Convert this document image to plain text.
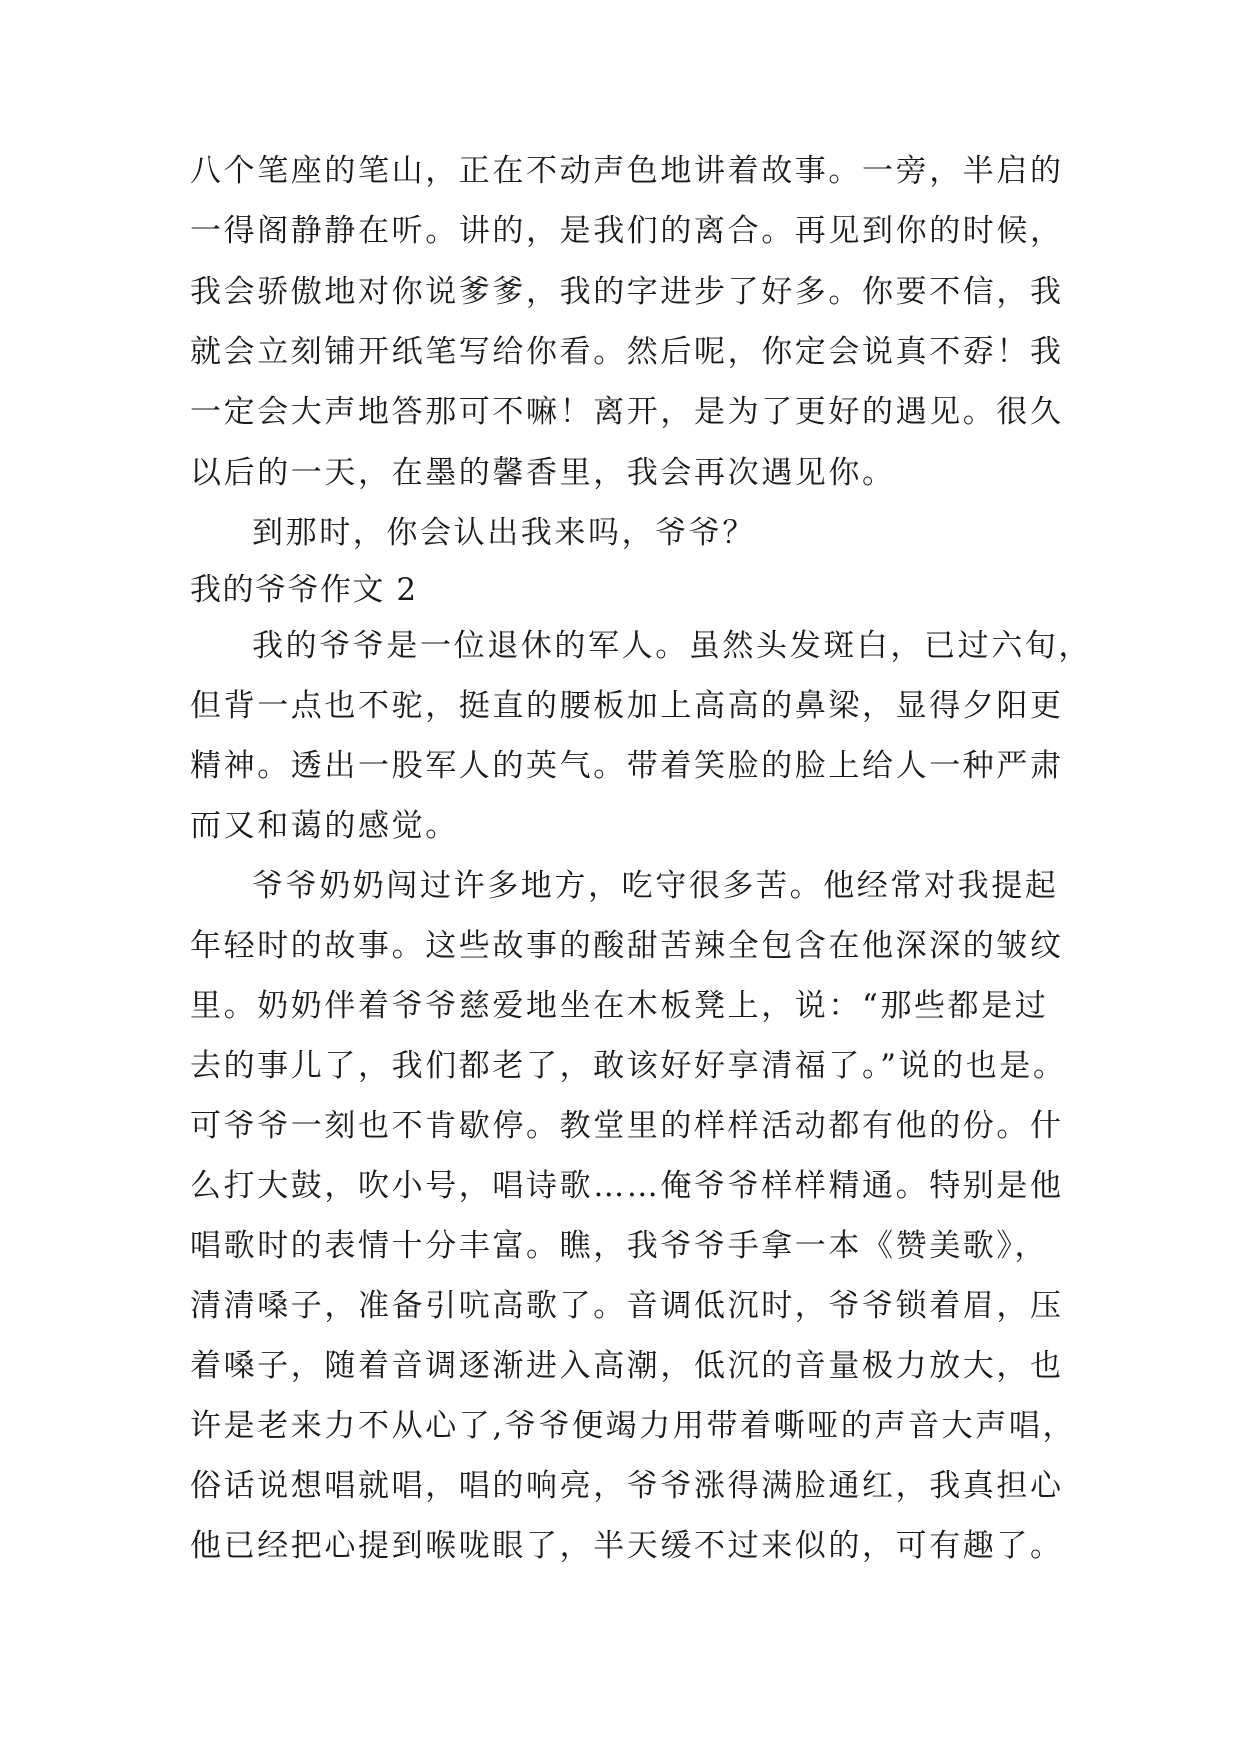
八个笔座的笔山，正在不动声色地讲着故事。一旁，半启的
一得阁静静在听。讲的，是我们的离合。再见到你的时候，
我会骄傲地对你说爹爹，我的字进步了好多。你要不信，我
就会立刻铺开纸笔写给你看。然后呢，你定会说真不孬！我
一定会大声地答那可不嘛！离开，是为了更好的遇见。很久
以后的一天，在墨的馨香里，我会再次遇见你。
到那时，你会认出我来吗，爷爷？
我的爷爷作文 2
我的爷爷是一位退休的军人。虽然头发斑白，已过六旬，
但背一点也不驼，挺直的腰板加上高高的鼻梁，显得夕阳更
精神。透出一股军人的英气。带着笑脸的脸上给人一种严肃
而又和蔼的感觉。
爷爷奶奶闯过许多地方，吃守很多苦。他经常对我提起
年轻时的故事。这些故事的酸甜苦辣全包含在他深深的皱纹
里。奶奶伴着爷爷慈爱地坐在木板凳上，说：“那些都是过
去的事儿了，我们都老了，敢该好好享清福了。”说的也是。
可爷爷一刻也不肯歇停。教堂里的样样活动都有他的份。什
么打大鼓，吹小号，唱诗歌……俺爷爷样样精通。特别是他
唱歌时的表情十分丰富。瞧，我爷爷手拿一本《赞美歌》，
清清嗓子，准备引吭高歌了。音调低沉时，爷爷锁着眉，压
着嗓子，随着音调逐渐进入高潮，低沉的音量极力放大，也
许是老来力不从心了,爷爷便竭力用带着嘶哑的声音大声唱，
俗话说想唱就唱，唱的响亮，爷爷涨得满脸通红，我真担心
他已经把心提到喉咙眼了，半天缓不过来似的，可有趣了。
